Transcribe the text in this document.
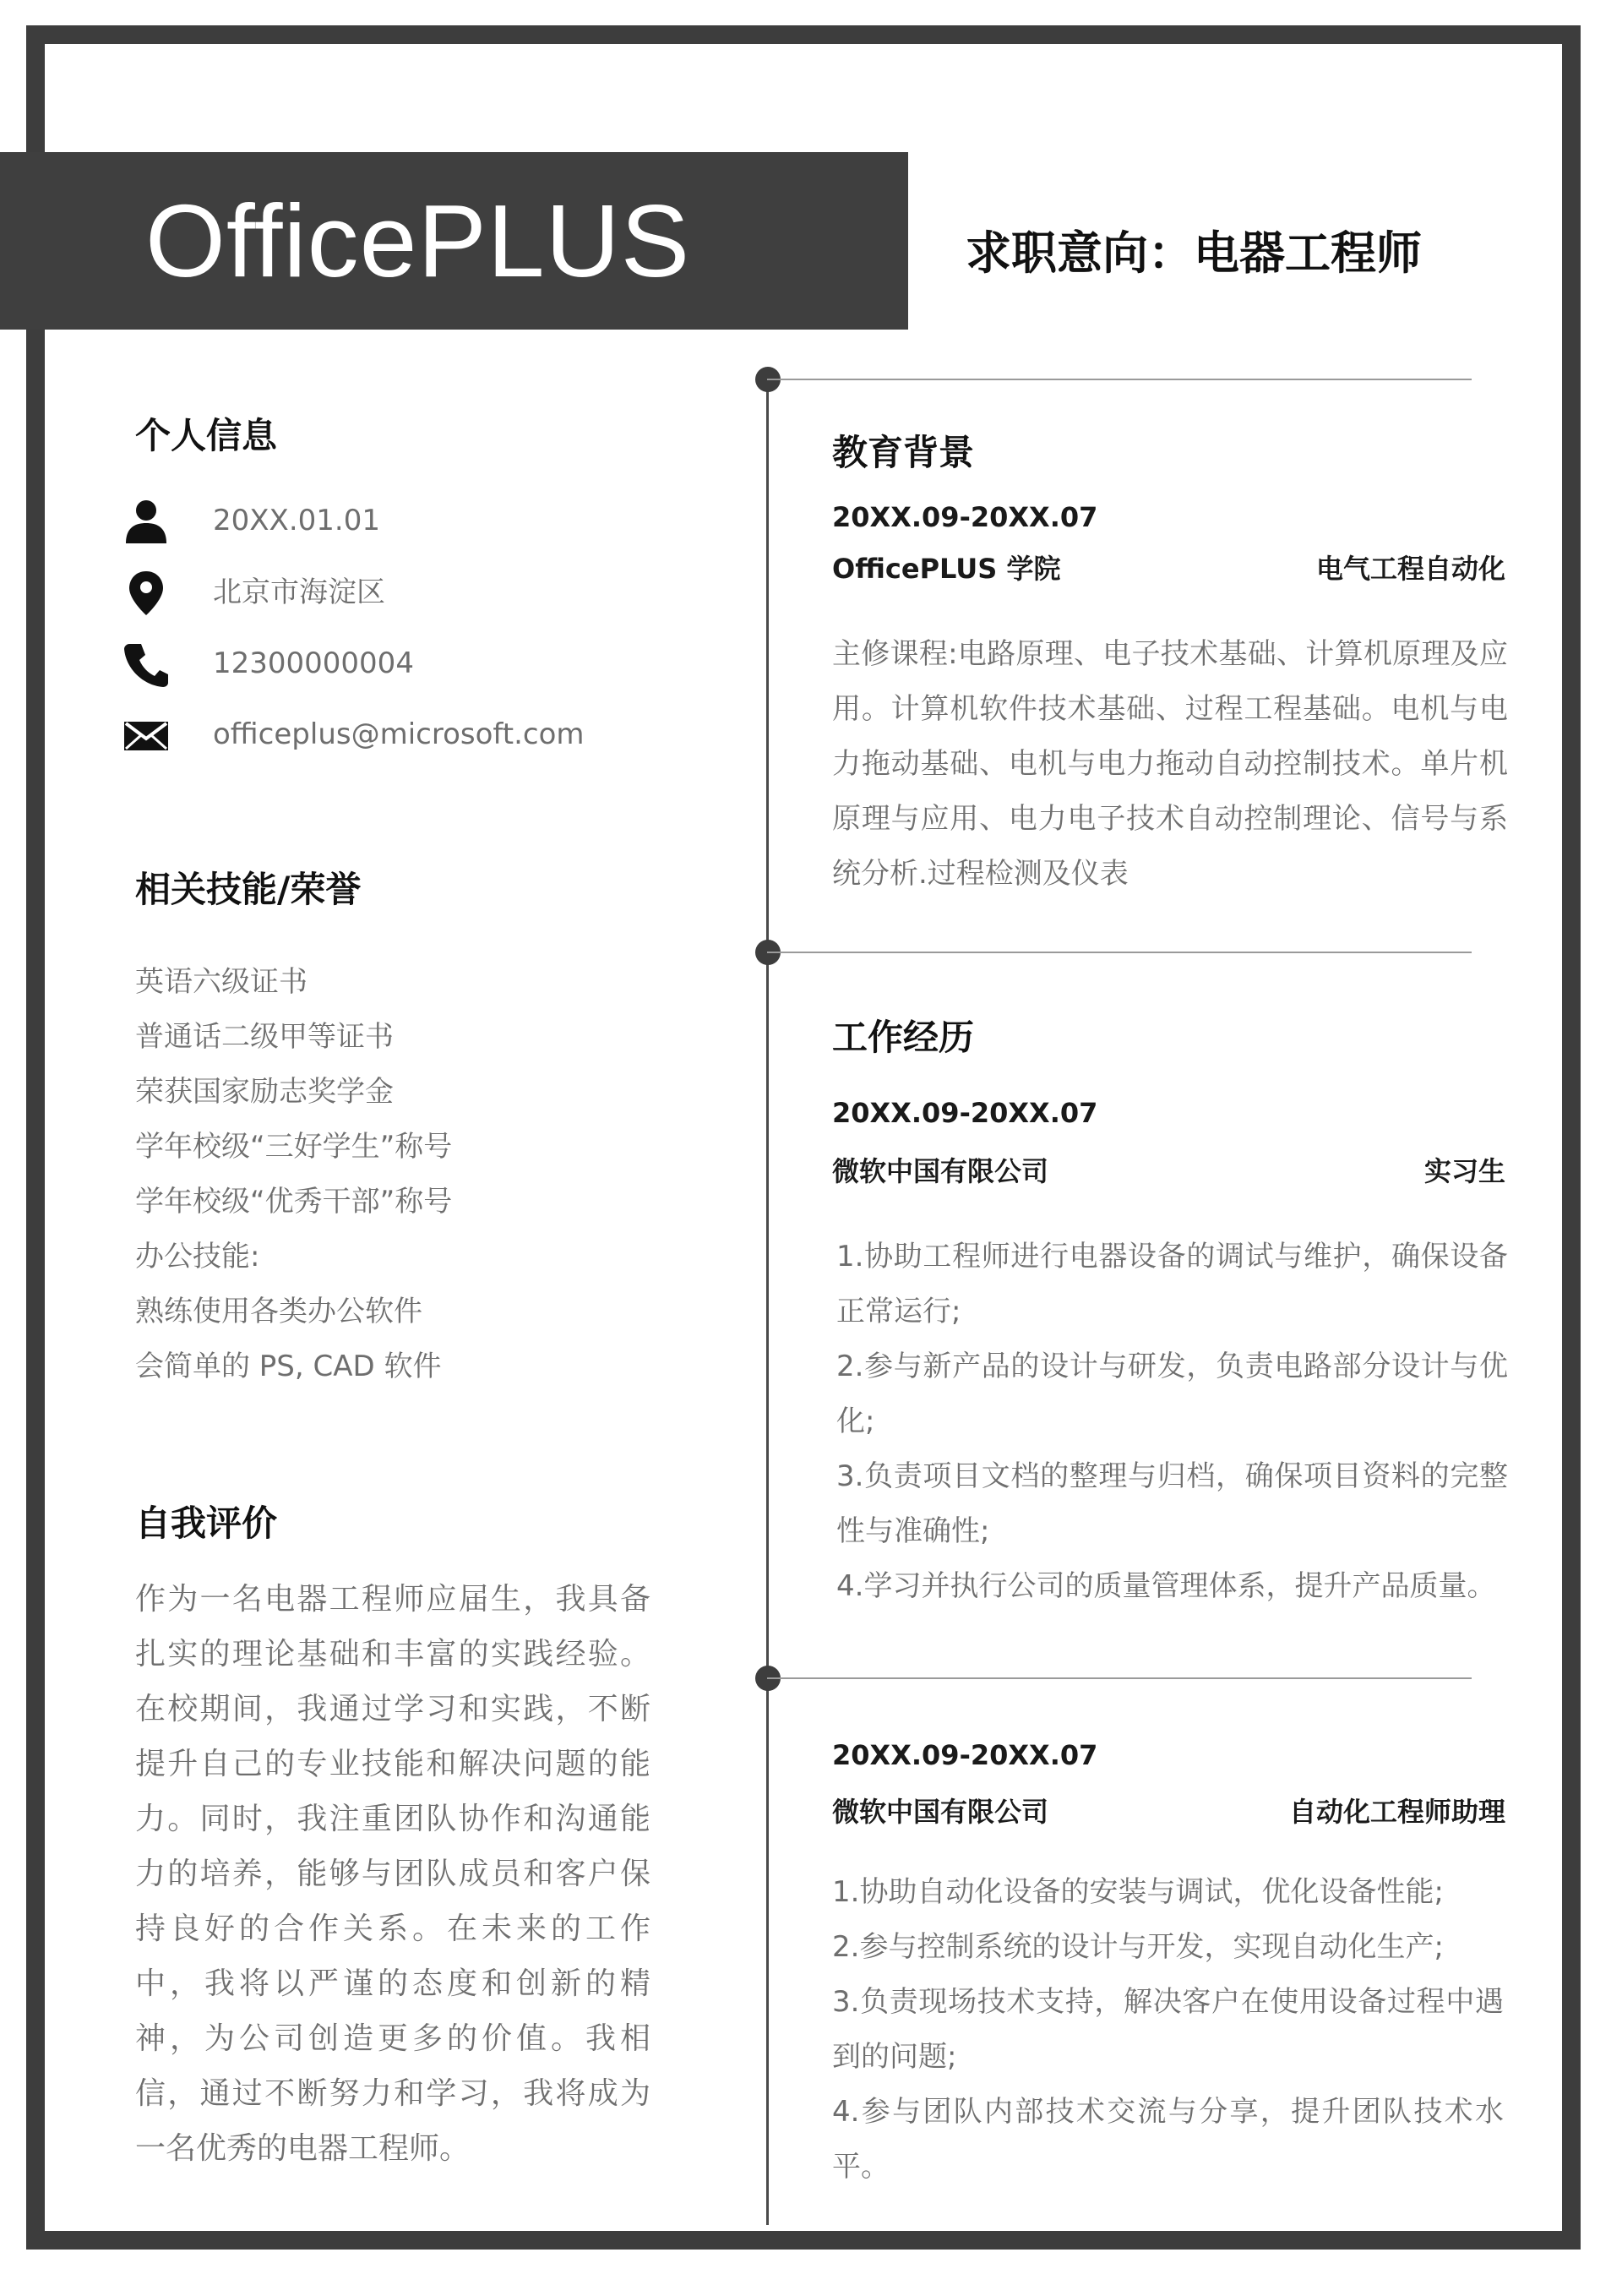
OfficePLUS	求职意向：电器工程师
个人信息
20XX.01.01
北京市海淀区
12300000004
officeplus@microsoft.com
相关技能/荣誉
英语六级证书
普通话二级甲等证书
荣获国家励志奖学金
学年校级“三好学生”称号
学年校级“优秀干部”称号
办公技能:
熟练使用各类办公软件
会简单的 PS, CAD 软件
自我评价
作为一名电器工程师应届生，我具备扎实的理论基础和丰富的实践经验。在校期间，我通过学习和实践，不断提升自己的专业技能和解决问题的能力。同时，我注重团队协作和沟通能力的培养，能够与团队成员和客户保持良好的合作关系。在未来的工作中，我将以严谨的态度和创新的精神，为公司创造更多的价值。我相信，通过不断努力和学习，我将成为一名优秀的电器工程师。
教育背景
20XX.09-20XX.07
OfficePLUS 学院	电气工程自动化
主修课程:电路原理、电子技术基础、计算机原理及应用。计算机软件技术基础、过程工程基础。电机与电力拖动基础、电机与电力拖动自动控制技术。单片机原理与应用、电力电子技术自动控制理论、信号与系统分析.过程检测及仪表
工作经历
20XX.09-20XX.07
微软中国有限公司	实习生
1.协助工程师进行电器设备的调试与维护，确保设备正常运行;
2.参与新产品的设计与研发，负责电路部分设计与优化;
3.负责项目文档的整理与归档，确保项目资料的完整性与准确性;
4.学习并执行公司的质量管理体系，提升产品质量。
20XX.09-20XX.07
微软中国有限公司	自动化工程师助理
1.协助自动化设备的安装与调试，优化设备性能;
2.参与控制系统的设计与开发，实现自动化生产;
3.负责现场技术支持，解决客户在使用设备过程中遇到的问题;
4.参与团队内部技术交流与分享，提升团队技术水平。
